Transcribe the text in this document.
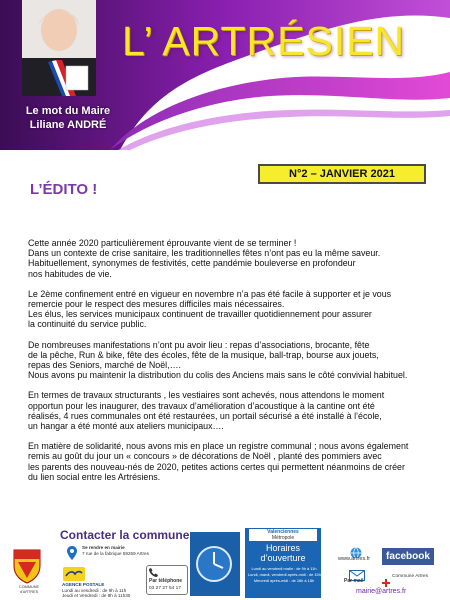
Le mot du Maire
Liliane ANDRÉ
L’ ARTRÉSIEN
N°2 – JANVIER 2021
L’ÉDITO !

Cette année 2020 particulièrement éprouvante vient de se terminer !
Dans un contexte de crise sanitaire, les traditionnelles fêtes n’ont pas eu la même saveur.
Habituellement, synonymes de festivités, cette pandémie bouleverse en profondeur
nos habitudes de vie.

Le 2ème confinement entré en vigueur en novembre n’a pas été facile à supporter et je vous
remercie pour le respect des mesures difficiles mais nécessaires.
Les élus, les services municipaux continuent de travailler quotidiennement pour assurer
la continuité du service public.

De nombreuses manifestations n’ont pu avoir lieu : repas d’associations, brocante, fête
de la pêche, Run & bike, fête des écoles, fête de la musique, ball-trap, bourse aux jouets,
repas des Seniors, marché de Noël,….
Nous avons pu maintenir la distribution du colis des Anciens mais sans le côté convivial habituel.

En termes de travaux structurants , les vestiaires sont achevés, nous attendons le moment
opportun pour les inaugurer, des travaux d’amélioration d’acoustique à la cantine ont été
réalisés, 4 rues communales ont été restaurées, un portail sécurisé a été installé à l’école,
un hangar a été monté aux ateliers municipaux….

En matière de solidarité, nous avons mis en place un registre communal ; nous avons également
remis au goût du jour un « concours » de décorations de Noël , planté des pommiers avec
les parents des nouveau-nés de 2020, petites actions certes qui permettent néanmoins de créer
du lien social entre les Artrésiens.

Contacter la commune
COMMUNE
d’ARTRES
Se rendre en mairie
7 rue de la fabrique 59269 Artres
AGENCE POSTALE
Lundi au vendredi : de 9h à 11h
Jeudi et Vendredi : de 9h à 11h30
Par téléphone
03 27 27 54 17
Valenciennes
Métropole
Horaires
d’ouverture
Lundi au vendredi matin : de 9h à 11h
Lundi, mardi, vendredi après-midi : de 15h à 17h
Mercredi après-midi : de 16h à 18h
www.artres.fr	facebook
Commune Artres
Par mail
mairie@artres.fr
